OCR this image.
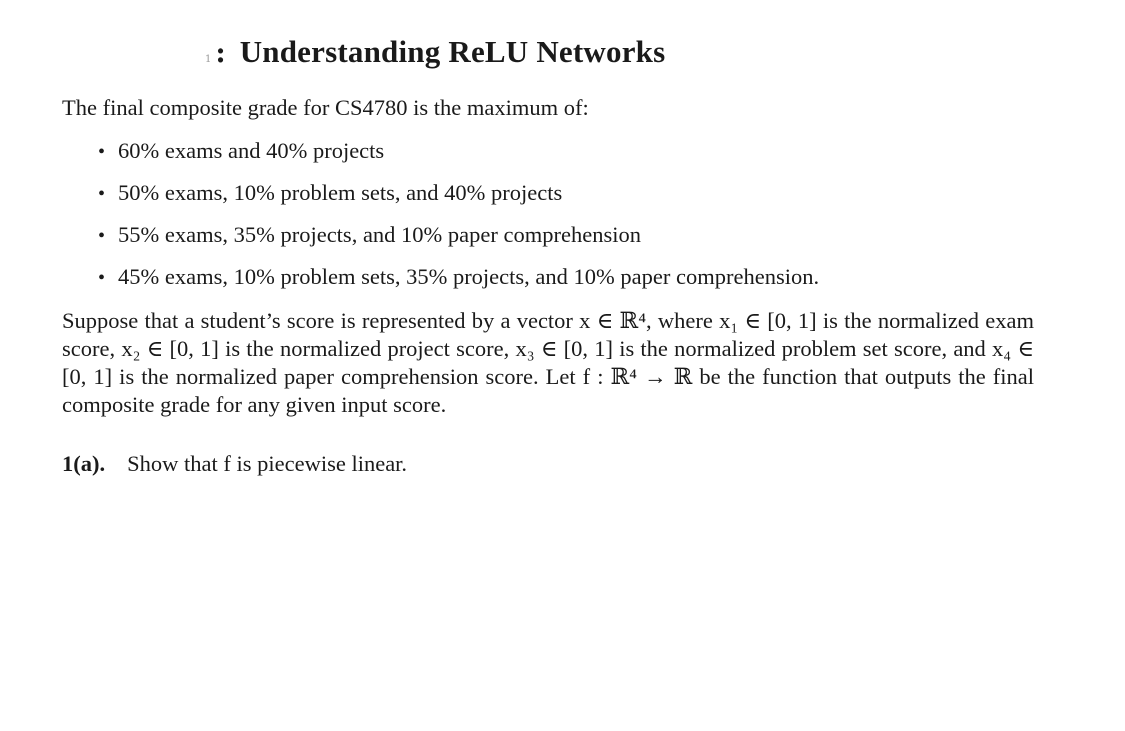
1 : Understanding ReLU Networks
The final composite grade for CS4780 is the maximum of:
• 60% exams and 40% projects
• 50% exams, 10% problem sets, and 40% projects
• 55% exams, 35% projects, and 10% paper comprehension
• 45% exams, 10% problem sets, 35% projects, and 10% paper comprehension.
Suppose that a student’s score is represented by a vector x ∈ ℝ⁴, where x₁ ∈ [0, 1] is the normalized exam score, x₂ ∈ [0, 1] is the normalized project score, x₃ ∈ [0, 1] is the normalized problem set score, and x₄ ∈ [0, 1] is the normalized paper comprehension score. Let f : ℝ⁴ → ℝ be the function that outputs the final composite grade for any given input score.
1(a). Show that f is piecewise linear.
